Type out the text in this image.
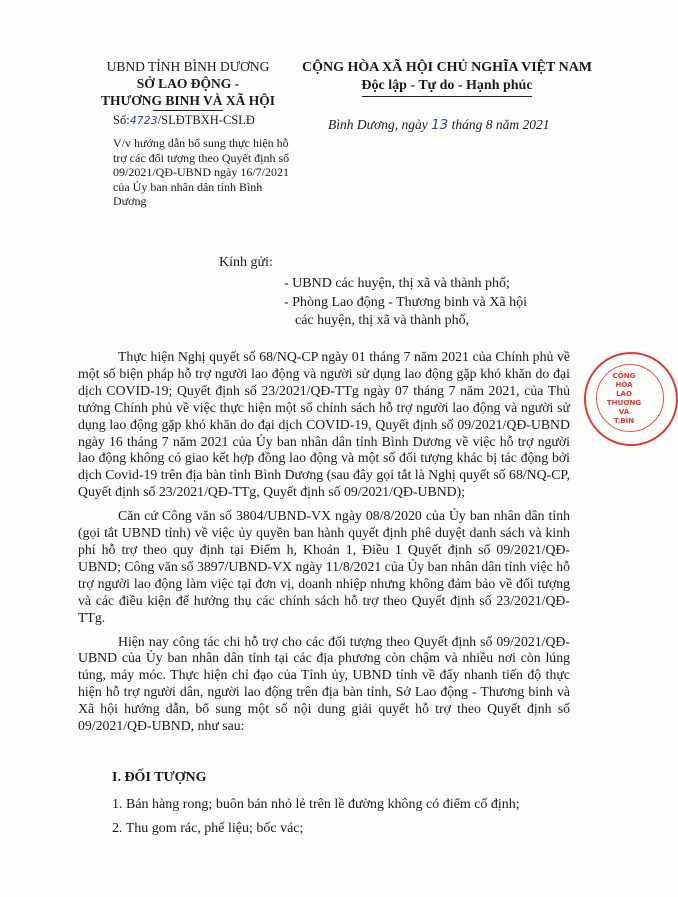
UBND TỈNH BÌNH DƯƠNG
SỞ LAO ĐỘNG -
THƯƠNG BINH VÀ XÃ HỘI
Số:4723/SLĐTBXH-CSLĐ
V/v hướng dẫn bổ sung thực hiện hỗ trợ các đối tượng theo Quyết định số 09/2021/QĐ-UBND ngày 16/7/2021 của Ủy ban nhân dân tỉnh Bình Dương
CỘNG HÒA XÃ HỘI CHỦ NGHĨA VIỆT NAM
Độc lập - Tự do - Hạnh phúc
Bình Dương, ngày 13 tháng 8 năm 2021
Kính gửi:
- UBND các huyện, thị xã và thành phố;
- Phòng Lao động - Thương binh và Xã hội
các huyện, thị xã và thành phố,

Thực hiện Nghị quyết số 68/NQ-CP ngày 01 tháng 7 năm 2021 của Chính phủ về một số biện pháp hỗ trợ người lao động và người sử dụng lao động gặp khó khăn do đại dịch COVID-19; Quyết định số 23/2021/QĐ-TTg ngày 07 tháng 7 năm 2021, của Thủ tướng Chính phủ về việc thực hiện một số chính sách hỗ trợ người lao động và người sử dụng lao động gặp khó khăn do đại dịch COVID-19, Quyết định số 09/2021/QĐ-UBND ngày 16 tháng 7 năm 2021 của Ủy ban nhân dân tỉnh Bình Dương về việc hỗ trợ người lao động không có giao kết hợp đồng lao động và một số đối tượng khác bị tác động bởi dịch Covid-19 trên địa bàn tỉnh Bình Dương (sau đây gọi tắt là Nghị quyết số 68/NQ-CP, Quyết định số 23/2021/QĐ-TTg, Quyết định số 09/2021/QĐ-UBND);

Căn cứ Công văn số 3804/UBND-VX ngày 08/8/2020 của Ủy ban nhân dân tỉnh (gọi tắt UBND tỉnh) về việc ủy quyền ban hành quyết định phê duyệt danh sách và kinh phí hỗ trợ theo quy định tại Điểm h, Khoản 1, Điều 1 Quyết định số 09/2021/QĐ-UBND; Công văn số 3897/UBND-VX ngày 11/8/2021 của Ủy ban nhân dân tỉnh việc hỗ trợ người lao động làm việc tại đơn vị, doanh nhiệp nhưng không đảm bảo về đối tượng và các điều kiện để hưởng thụ các chính sách hỗ trợ theo Quyết định số 23/2021/QĐ-TTg.

Hiện nay công tác chi hỗ trợ cho các đối tượng theo Quyết định số 09/2021/QĐ-UBND của Ủy ban nhân dân tỉnh tại các địa phương còn chậm và nhiều nơi còn lúng túng, máy móc. Thực hiện chỉ đạo của Tỉnh ủy, UBND tỉnh về đẩy nhanh tiến độ thực hiện hỗ trợ người dân, người lao động trên địa bàn tỉnh, Sở Lao động - Thương binh và Xã hội hướng dẫn, bổ sung một số nội dung giải quyết hỗ trợ theo Quyết định số 09/2021/QĐ-UBND, như sau:

I. ĐỐI TƯỢNG
1. Bán hàng rong; buôn bán nhỏ lẻ trên lề đường không có điểm cố định;
2. Thu gom rác, phế liệu; bốc vác;
CỘNG HÒA
LAO
THƯƠNG
VÀ
T.BÌN
